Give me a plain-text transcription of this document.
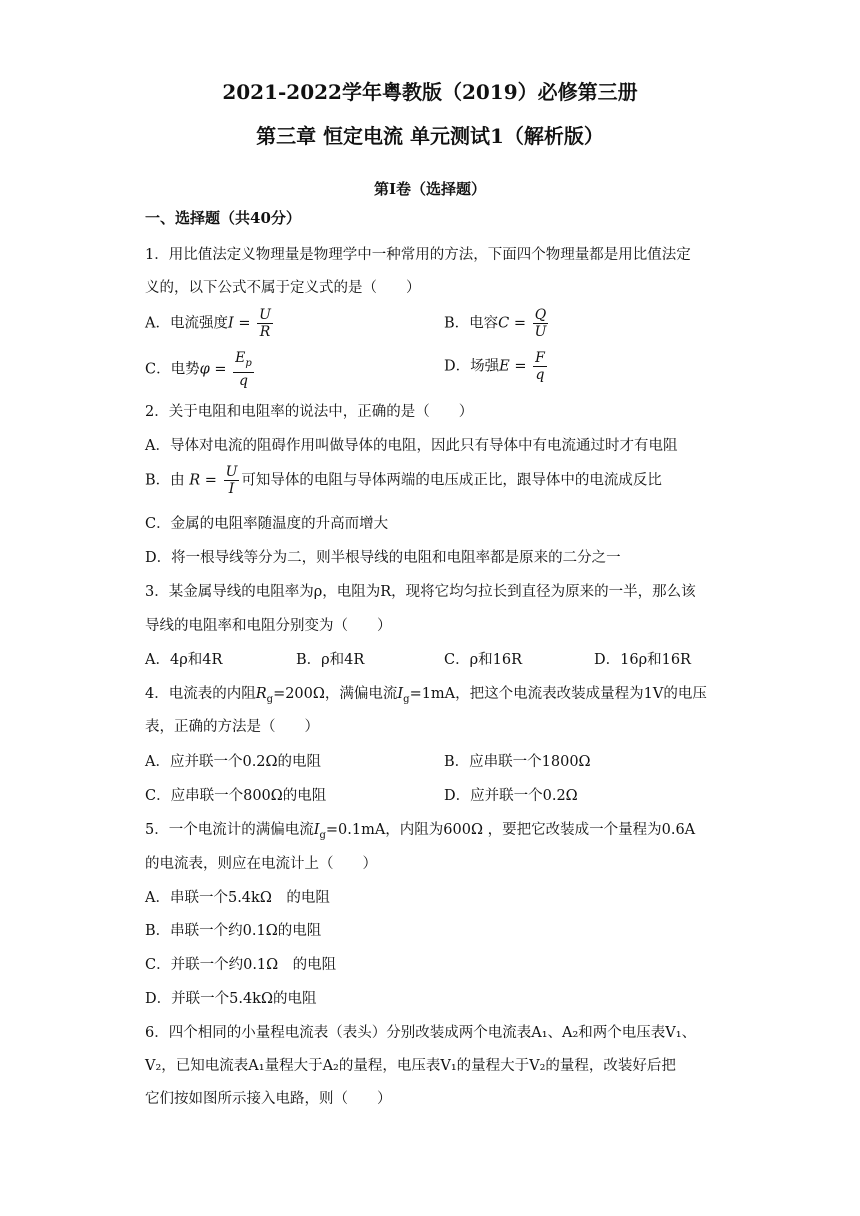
2021-2022学年粤教版（2019）必修第三册
第三章 恒定电流 单元测试1（解析版）
第Ⅰ卷（选择题）
一、选择题（共40分）
1．用比值法定义物理量是物理学中一种常用的方法，下面四个物理量都是用比值法定
义的，以下公式不属于定义式的是（　　）
A．电流强度$I = \frac{U}{R}$	B．电容$C = \frac{Q}{U}$
C．电势$\varphi = \frac{E_p}{q}$	D．场强$E = \frac{F}{q}$
2．关于电阻和电阻率的说法中，正确的是（　　）
A．导体对电流的阻碍作用叫做导体的电阻，因此只有导体中有电流通过时才有电阻
B．由 $R = \frac{U}{I}$ 可知导体的电阻与导体两端的电压成正比，跟导体中的电流成反比
C．金属的电阻率随温度的升高而增大
D．将一根导线等分为二，则半根导线的电阻和电阻率都是原来的二分之一
3．某金属导线的电阻率为ρ，电阻为R，现将它均匀拉长到直径为原来的一半，那么该
导线的电阻率和电阻分别变为（　　）
A．4ρ和4R	B．ρ和4R	C．ρ和16R	D．16ρ和16R
4．电流表的内阻$R_g=200\Omega$，满偏电流$I_g=1mA$，把这个电流表改装成量程为1V的电压
表，正确的方法是（　　）
A．应并联一个0.2Ω的电阻	B．应串联一个1800Ω
C．应串联一个800Ω的电阻	D．应并联一个0.2Ω
5．一个电流计的满偏电流$I_g=0.1mA$，内阻为600Ω ，要把它改装成一个量程为0.6A
的电流表，则应在电流计上（　　）
A．串联一个5.4kΩ　的电阻
B．串联一个约0.1Ω的电阻
C．并联一个约0.1Ω　的电阻
D．并联一个5.4kΩ的电阻
6．四个相同的小量程电流表（表头）分别改装成两个电流表A₁、A₂和两个电压表V₁、
V₂，已知电流表A₁量程大于A₂的量程，电压表V₁的量程大于V₂的量程，改装好后把
它们按如图所示接入电路，则（　　）
